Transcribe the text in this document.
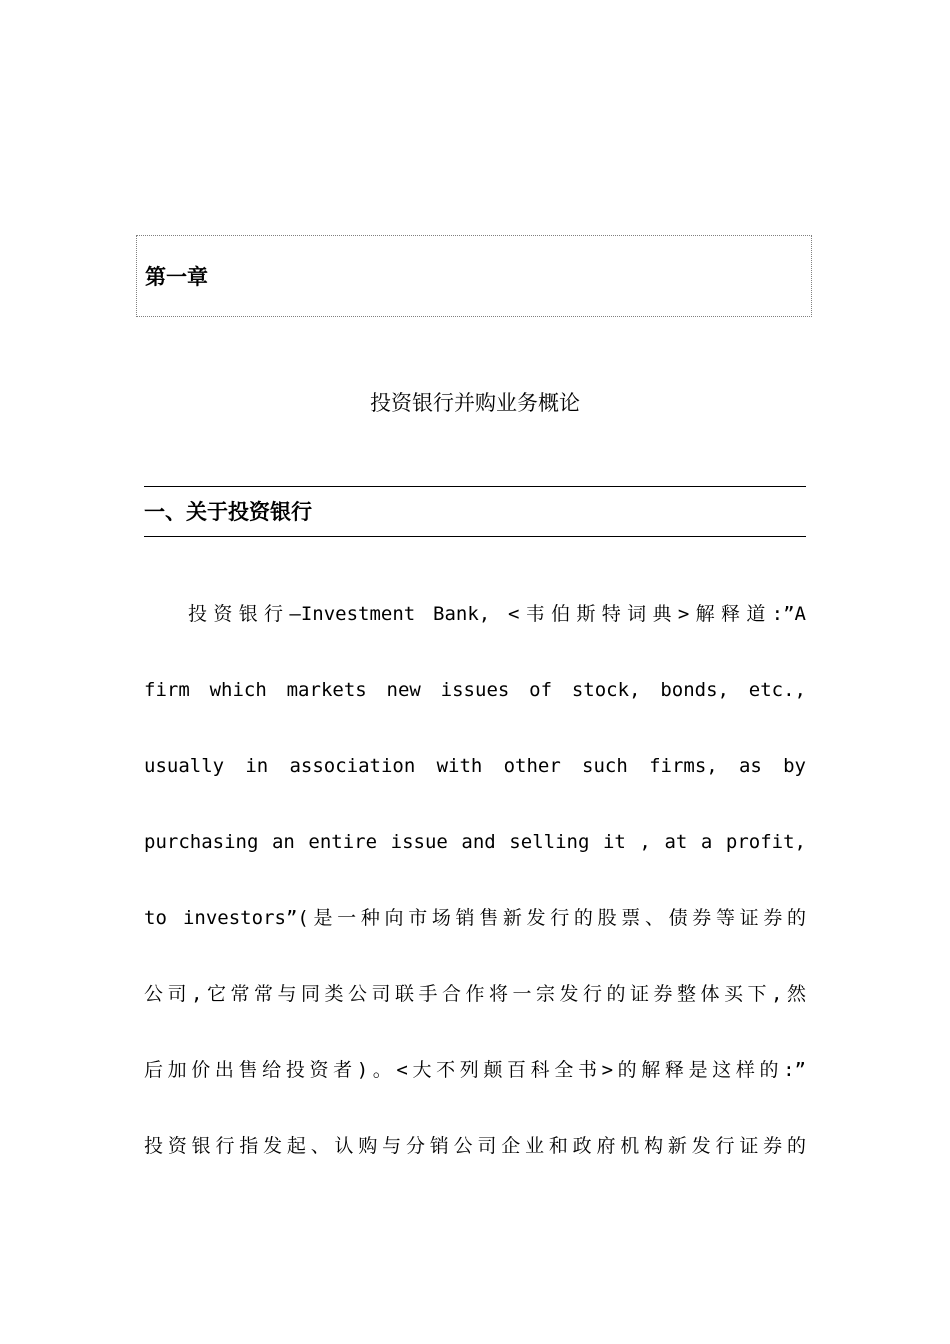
第一章
投资银行并购业务概论
一、关于投资银行
投资银行—Investment Bank, <韦伯斯特词典>解释道:”A
firm which markets new issues of stock, bonds, etc.,
usually in association with other such firms, as by
purchasing an entire issue and selling it , at a profit,
to investors”(是一种向市场销售新发行的股票、债券等证券的
公司,它常常与同类公司联手合作将一宗发行的证券整体买下,然
后加价出售给投资者)。<大不列颠百科全书>的解释是这样的:”
投资银行指发起、认购与分销公司企业和政府机构新发行证券的
